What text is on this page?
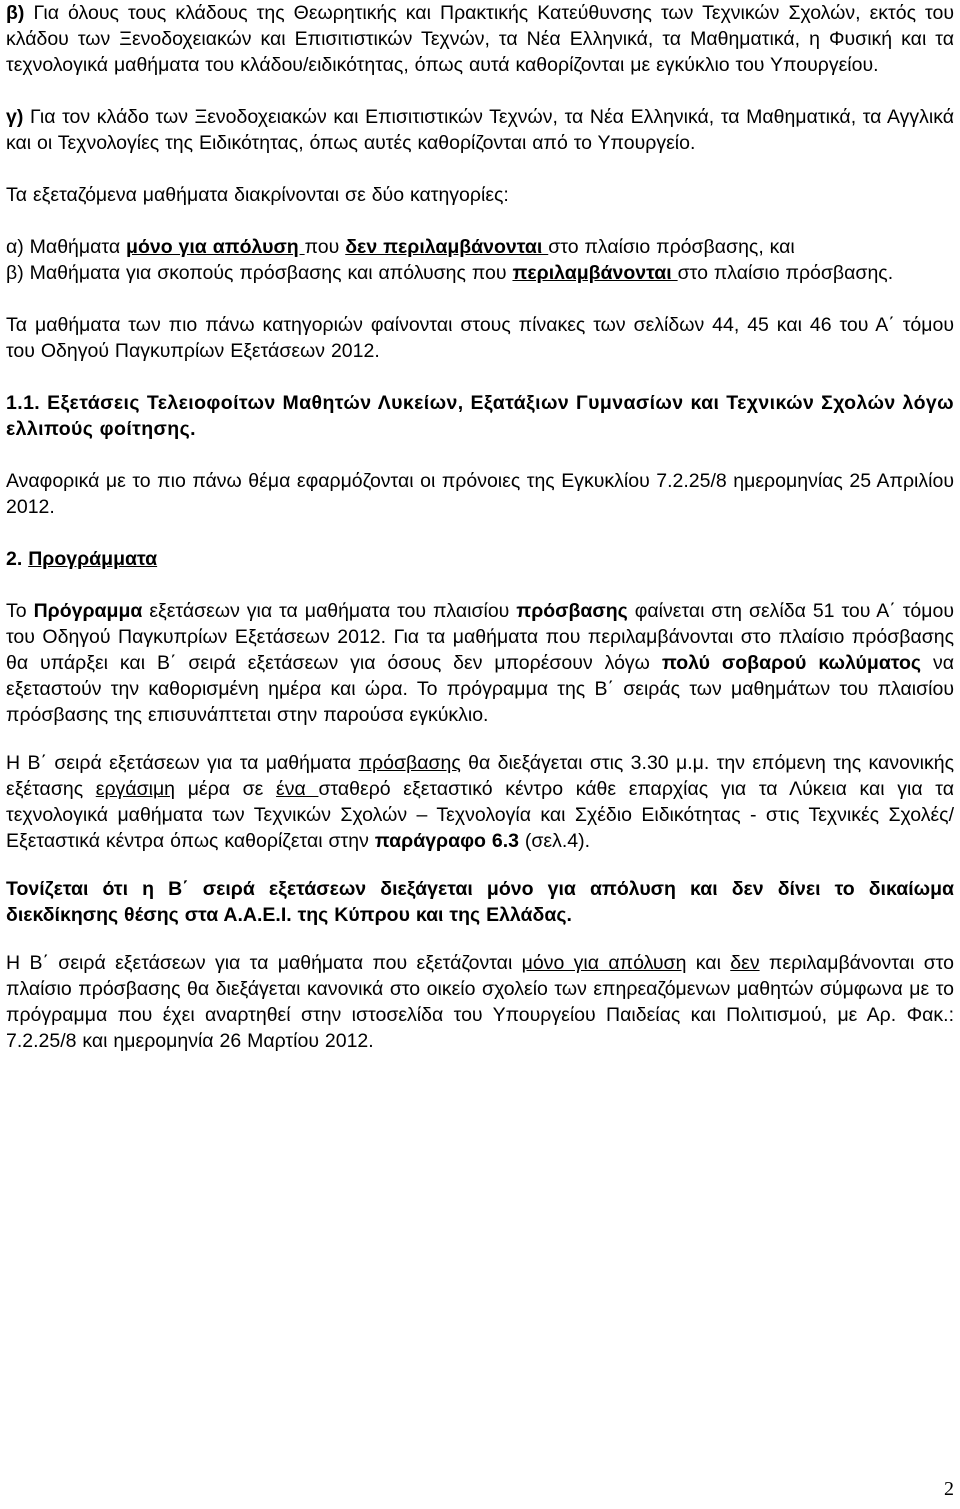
β) Για όλους τους κλάδους της Θεωρητικής και Πρακτικής Κατεύθυνσης των Τεχνικών Σχολών, εκτός του κλάδου των Ξενοδοχειακών και Επισιτιστικών Τεχνών, τα Νέα Ελληνικά, τα Μαθηματικά, η Φυσική και τα τεχνολογικά μαθήματα του κλάδου/ειδικότητας, όπως αυτά καθορίζονται με εγκύκλιο του Υπουργείου.

γ) Για τον κλάδο των Ξενοδοχειακών και Επισιτιστικών Τεχνών, τα Νέα Ελληνικά, τα Μαθηματικά, τα Αγγλικά και οι Τεχνολογίες της Ειδικότητας, όπως αυτές καθορίζονται από το Υπουργείο.

Τα εξεταζόμενα μαθήματα διακρίνονται σε δύο κατηγορίες:

α) Μαθήματα μόνο για απόλυση που δεν περιλαμβάνονται στο πλαίσιο πρόσβασης, και
β) Μαθήματα για σκοπούς πρόσβασης και απόλυσης που περιλαμβάνονται στο πλαίσιο πρόσβασης.

Τα μαθήματα των πιο πάνω κατηγοριών φαίνονται στους πίνακες των σελίδων 44, 45 και 46 του Α΄ τόμου του Οδηγού Παγκυπρίων Εξετάσεων 2012.

1.1. Εξετάσεις Τελειοφοίτων Μαθητών Λυκείων, Εξατάξιων Γυμνασίων και Τεχνικών Σχολών λόγω ελλιπούς φοίτησης.

Αναφορικά με το πιο πάνω θέμα εφαρμόζονται οι πρόνοιες της Εγκυκλίου 7.2.25/8 ημερομηνίας 25 Απριλίου 2012.

2. Προγράμματα

Το Πρόγραμμα εξετάσεων για τα μαθήματα του πλαισίου πρόσβασης φαίνεται στη σελίδα 51 του Α΄ τόμου του Οδηγού Παγκυπρίων Εξετάσεων 2012. Για τα μαθήματα που περιλαμβάνονται στο πλαίσιο πρόσβασης θα υπάρξει και Β΄ σειρά εξετάσεων για όσους δεν μπορέσουν λόγω πολύ σοβαρού κωλύματος να εξεταστούν την καθορισμένη ημέρα και ώρα. Το πρόγραμμα της Β΄ σειράς των μαθημάτων του πλαισίου πρόσβασης της επισυνάπτεται στην παρούσα εγκύκλιο.

Η Β΄ σειρά εξετάσεων για τα μαθήματα πρόσβασης θα διεξάγεται στις 3.30 μ.μ. την επόμενη της κανονικής εξέτασης εργάσιμη μέρα σε ένα σταθερό εξεταστικό κέντρο κάθε επαρχίας για τα Λύκεια και για τα τεχνολογικά μαθήματα των Τεχνικών Σχολών – Τεχνολογία και Σχέδιο Ειδικότητας - στις Τεχνικές Σχολές/ Εξεταστικά κέντρα όπως καθορίζεται στην παράγραφο 6.3 (σελ.4).

Τονίζεται ότι η Β΄ σειρά εξετάσεων διεξάγεται μόνο για απόλυση και δεν δίνει το δικαίωμα διεκδίκησης θέσης στα Α.Α.Ε.Ι. της Κύπρου και της Ελλάδας.

Η Β΄ σειρά εξετάσεων για τα μαθήματα που εξετάζονται μόνο για απόλυση και δεν περιλαμβάνονται στο πλαίσιο πρόσβασης θα διεξάγεται κανονικά στο οικείο σχολείο των επηρεαζόμενων μαθητών σύμφωνα με το πρόγραμμα που έχει αναρτηθεί στην ιστοσελίδα του Υπουργείου Παιδείας και Πολιτισμού, με Αρ. Φακ.: 7.2.25/8 και ημερομηνία 26 Μαρτίου 2012.

2
